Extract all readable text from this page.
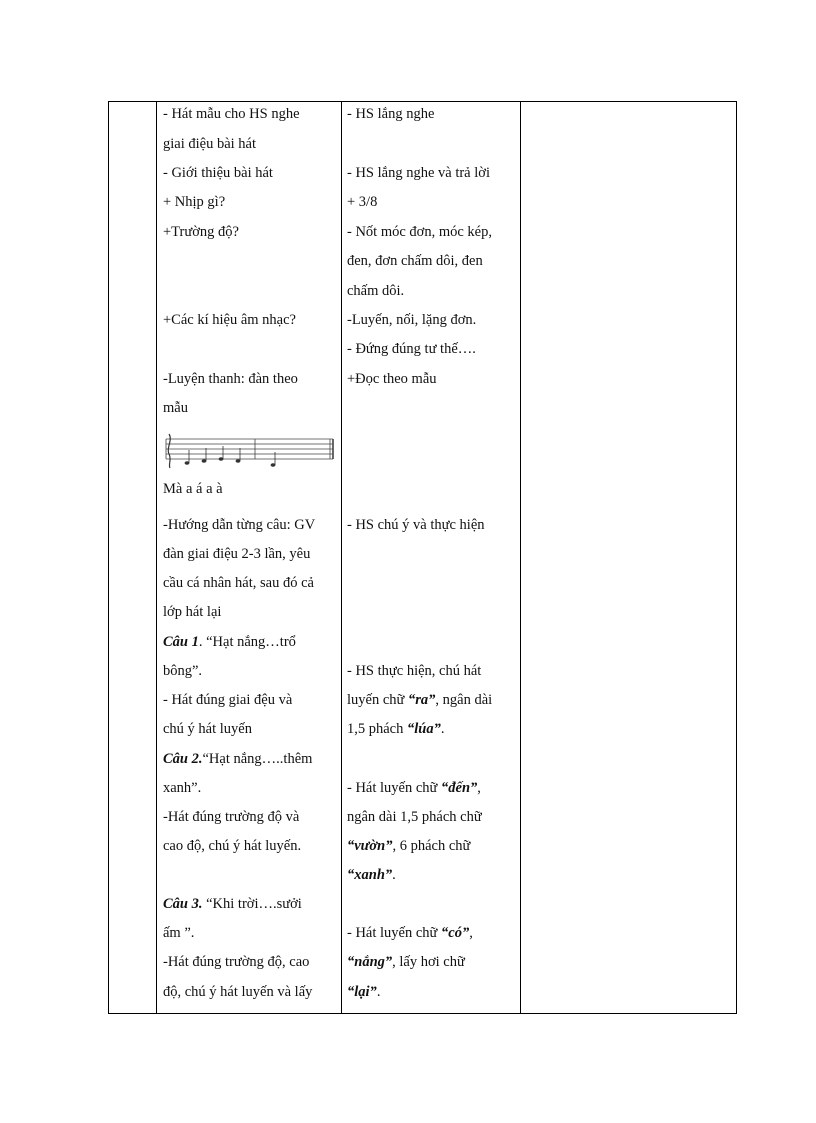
- Hát mẫu cho HS nghe
giai điệu bài hát
- Giới thiệu bài hát
+ Nhịp gì?
+Trường độ?
+Các kí hiệu âm nhạc?
-Luyện thanh: đàn theo
mẫu
Mà a á a à
-Hướng dẫn từng câu: GV
đàn giai điệu 2-3 lần, yêu
cầu cá nhân hát, sau đó cả
lớp hát lại
Câu 1. “Hạt nắng…trổ
bông”.
- Hát đúng giai đệu và
chú ý hát luyến
Câu 2.“Hạt nắng…..thêm
xanh”.
-Hát đúng trường độ và
cao độ, chú ý hát luyến.
Câu 3. “Khi trời….sưởi
ấm ”.
-Hát đúng trường độ, cao
độ, chú ý hát luyến và lấy
- HS lắng nghe
- HS lắng nghe và trả lời
+ 3/8
- Nốt móc đơn, móc kép,
đen, đơn chấm dôi, đen
chấm dôi.
-Luyến, nối, lặng đơn.
- Đứng đúng tư thế….
+Đọc theo mẫu
- HS chú ý và thực hiện
- HS thực hiện, chú hát
luyến chữ “ra”, ngân dài
1,5 phách “lúa”.
- Hát luyến chữ “đến”,
ngân dài 1,5 phách chữ
“vườn”, 6 phách chữ
“xanh”.
- Hát luyến chữ “có”,
“nắng”, lấy hơi chữ
“lại”.
